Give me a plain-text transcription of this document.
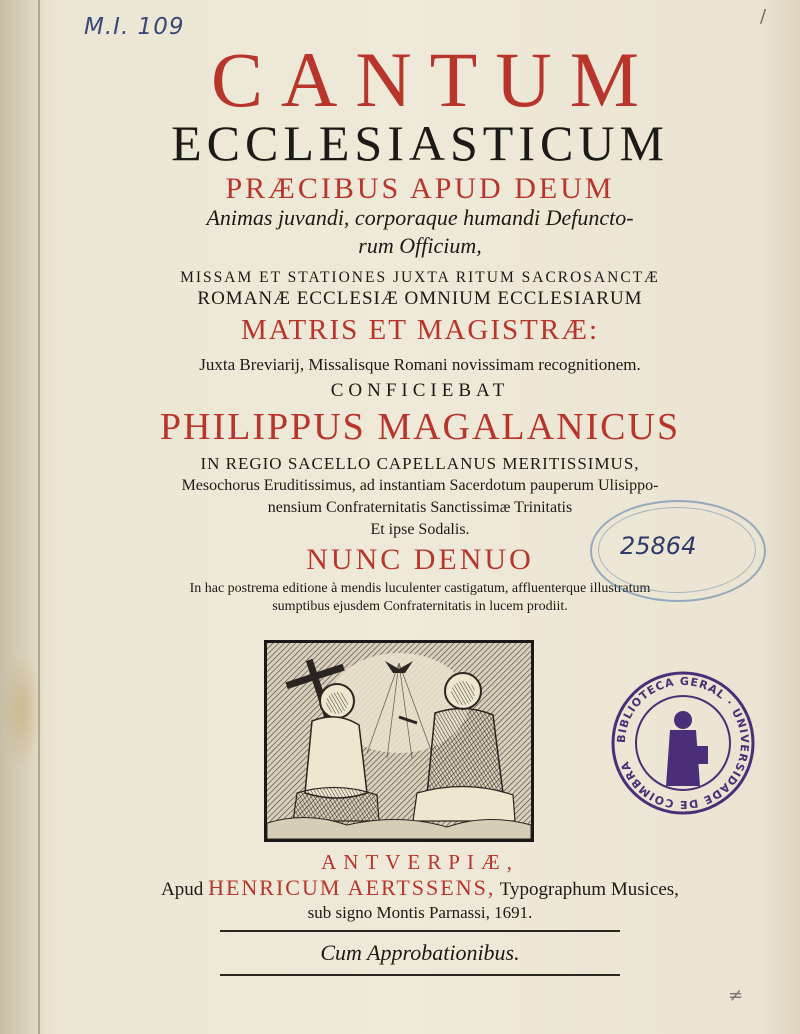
M.I. 109	/
≠
CANTUM
ECCLESIASTICUM
PRÆCIBUS APUD DEUM
Animas juvandi, corporaque humandi Defuncto-
rum Officium,
MISSAM ET STATIONES JUXTA RITUM SACROSANCTÆ
ROMANÆ ECCLESIÆ OMNIUM ECCLESIARUM
MATRIS ET MAGISTRÆ:
Juxta Breviarij, Missalisque Romani novissimam recognitionem.
CONFICIEBAT
PHILIPPUS MAGALANICUS
IN REGIO SACELLO CAPELLANUS MERITISSIMUS,
Mesochorus Eruditissimus, ad instantiam Sacerdotum pauperum Ulisippo-
nensium Confraternitatis Sanctissimæ Trinitatis
Et ipse Sodalis.
NUNC DENUO
In hac postrema editione à mendis luculenter castigatum, affluenterque illustratum
sumptibus ejusdem Confraternitatis in lucem prodiit.
ANTVERPIÆ,
Apud HENRICUM AERTSSENS, Typographum Musices,
sub signo Montis Parnassi, 1691.
Cum Approbationibus.
25864
BIBLIOTECA GERAL · UNIVERSIDADE DE COIMBRA
